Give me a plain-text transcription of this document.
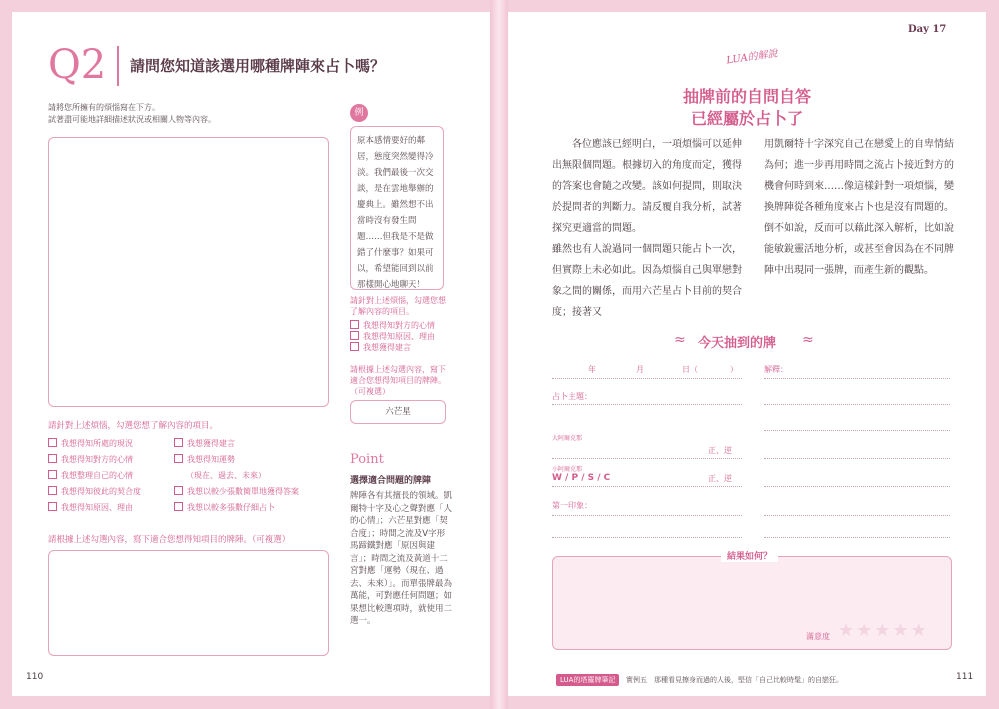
Q2 請問您知道該選用哪種牌陣來占卜嗎？
請將您所擁有的煩惱寫在下方。
試著盡可能地詳細描述狀況或相關人物等內容。
例
原本感情要好的鄰居，態度突然變得冷淡。我們最後一次交談，是在雲地舉辦的慶典上。雖然想不出當時沒有發生問題……但我是不是做錯了什麼事？如果可以，希望能回到以前那樣開心地聊天！
請針對上述煩惱，勾選您想了解內容的項目。
我想得知對方的心情
我想得知原因、理由
我想獲得建言
請根據上述勾選內容，寫下適合您想得知項目的牌陣。（可複選）
六芒星
請針對上述煩惱，勾選您想了解內容的項目。
我想得知所處的現況
我想得知對方的心情
我想整理自己的心情
我想得知彼此的契合度
我想得知原因、理由
我想獲得建言
我想得知運勢
（現在、過去、未來）
我想以較少張數簡單地獲得答案
我想以較多張數仔細占卜
請根據上述勾選內容，寫下適合您想得知項目的牌陣。（可複選）
Point
選擇適合問題的牌陣
牌陣各有其擅長的領域。凱爾特十字及心之聲對應「人的心情」；六芒星對應「契合度」；時間之流及V字形馬蹄鐵對應「原因與建言」；時間之流及黃道十二宮對應「運勢（現在、過去、未來）」。而單張牌最為萬能，可對應任何問題；如果想比較選項時，就使用二選一。
110
Day 17
LUA的解說
抽牌前的自問自答
已經屬於占卜了
各位應該已經明白，一項煩惱可以延伸出無限個問題。根據切入的角度而定，獲得的答案也會隨之改變。該如何提問，則取決於提問者的判斷力。請反覆自我分析，試著探究更適當的問題。
雖然也有人說過同一個問題只能占卜一次，但實際上未必如此。因為煩惱自己與單戀對象之間的關係，而用六芒星占卜目前的契合度；接著又
用凱爾特十字深究自己在戀愛上的自卑情結為何；進一步再用時間之流占卜接近對方的機會何時到來……像這樣針對一項煩惱，變換牌陣從各種角度來占卜也是沒有問題的。
倒不如說，反而可以藉此深入解析，比如說能敏銳靈活地分析，或甚至會因為在不同牌陣中出現同一張牌，而產生新的觀點。
≈ 今天抽到的牌 ≈
年	月	日（	）
占卜主題：
大阿爾克那
正、逆
小阿爾克那
W / P / S / C	正、逆
第一印象：
解釋：
結果如何？
滿意度 ★ ★ ★ ★ ★
LUA的塔羅牌筆記	實例五　那種看見擦身而過的人後，堅信「自己比較時髦」的自戀狂。	111
